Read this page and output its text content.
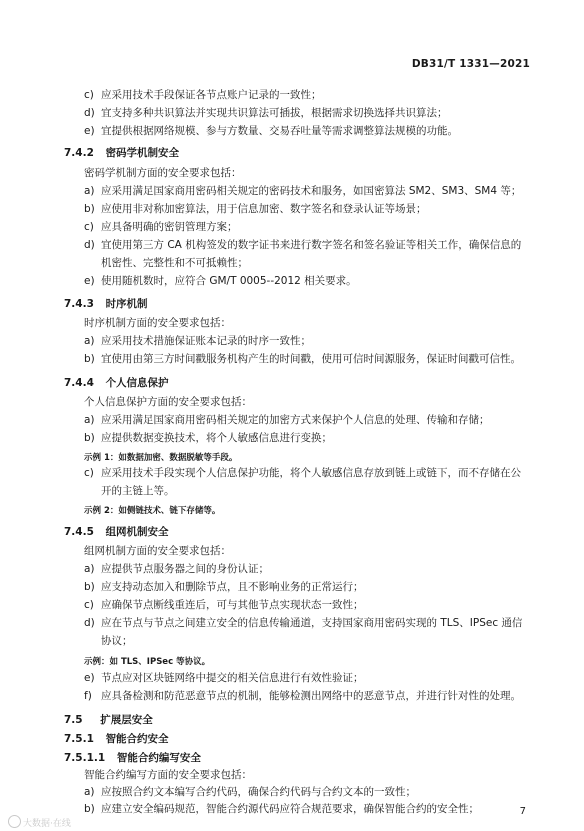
DB31/T 1331—2021
c) 应采用技术手段保证各节点账户记录的一致性；
d) 宜支持多种共识算法并实现共识算法可插拔，根据需求切换选择共识算法；
e) 宜提供根据网络规模、参与方数量、交易吞吐量等需求调整算法规模的功能。
7.4.2 密码学机制安全
密码学机制方面的安全要求包括：
a) 应采用满足国家商用密码相关规定的密码技术和服务，如国密算法 SM2、SM3、SM4 等；
b) 应使用非对称加密算法，用于信息加密、数字签名和登录认证等场景；
c) 应具备明确的密钥管理方案；
d) 宜使用第三方 CA 机构签发的数字证书来进行数字签名和签名验证等相关工作，确保信息的
机密性、完整性和不可抵赖性；
e) 使用随机数时，应符合 GM/T 0005--2012 相关要求。
7.4.3 时序机制
时序机制方面的安全要求包括：
a) 应采用技术措施保证账本记录的时序一致性；
b) 宜使用由第三方时间戳服务机构产生的时间戳，使用可信时间源服务，保证时间戳可信性。
7.4.4 个人信息保护
个人信息保护方面的安全要求包括：
a) 应采用满足国家商用密码相关规定的加密方式来保护个人信息的处理、传输和存储；
b) 应提供数据变换技术，将个人敏感信息进行变换；
示例 1：如数据加密、数据脱敏等手段。
c) 应采用技术手段实现个人信息保护功能，将个人敏感信息存放到链上或链下，而不存储在公
开的主链上等。
示例 2：如侧链技术、链下存储等。
7.4.5 组网机制安全
组网机制方面的安全要求包括：
a) 应提供节点服务器之间的身份认证；
b) 应支持动态加入和删除节点，且不影响业务的正常运行；
c) 应确保节点断线重连后，可与其他节点实现状态一致性；
d) 应在节点与节点之间建立安全的信息传输通道，支持国家商用密码实现的 TLS、IPSec 通信
协议；
示例：如 TLS、IPSec 等协议。
e) 节点应对区块链网络中提交的相关信息进行有效性验证；
f) 应具备检测和防范恶意节点的机制，能够检测出网络中的恶意节点，并进行针对性的处理。
7.5 扩展层安全
7.5.1 智能合约安全
7.5.1.1 智能合约编写安全
智能合约编写方面的安全要求包括：
a) 应按照合约文本编写合约代码，确保合约代码与合约文本的一致性；
b) 应建立安全编码规范，智能合约源代码应符合规范要求，确保智能合约的安全性；	7
大数据·在线
